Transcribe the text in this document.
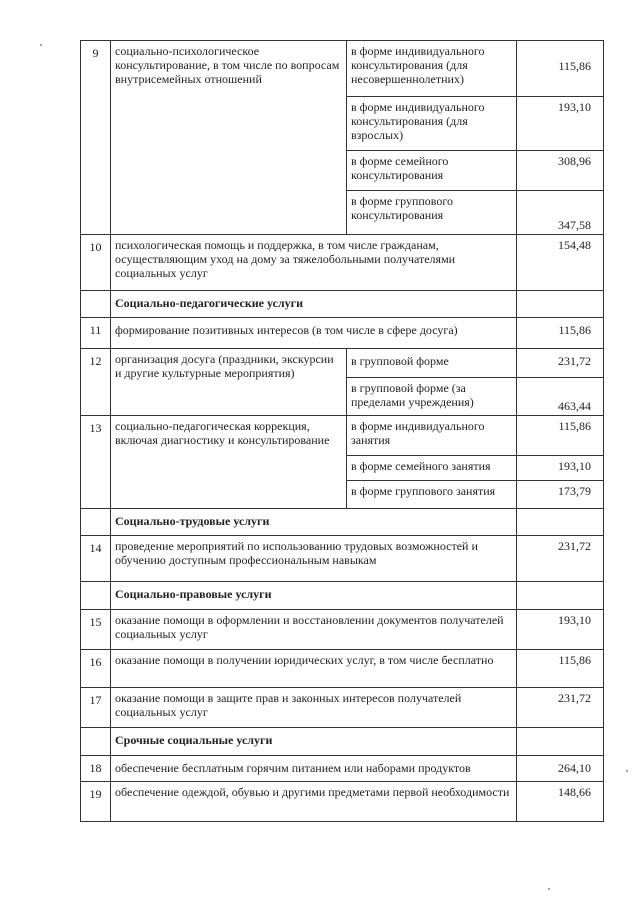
9	социально-психологическое консультирование, в том числе по вопросам внутрисемейных отношений	в форме индивидуального консультирования (для несовершеннолетних)	115,86
		в форме индивидуального консультирования (для взрослых)	193,10
		в форме семейного консультирования	308,96
		в форме группового консультирования	347,58
10	психологическая помощь и поддержка, в том числе гражданам, осуществляющим уход на дому за тяжелобольными получателями социальных услуг		154,48
	Социально-педагогические услуги		
11	формирование позитивных интересов (в том числе в сфере досуга)		115,86
12	организация досуга (праздники, экскурсии и другие культурные мероприятия)	в групповой форме	231,72
		в групповой форме (за пределами учреждения)	463,44
13	социально-педагогическая коррекция, включая диагностику и консультирование	в форме индивидуального занятия	115,86
		в форме семейного занятия	193,10
		в форме группового занятия	173,79
	Социально-трудовые услуги		
14	проведение мероприятий по использованию трудовых возможностей и обучению доступным профессиональным навыкам		231,72
	Социально-правовые услуги		
15	оказание помощи в оформлении и восстановлении документов получателей социальных услуг		193,10
16	оказание помощи в получении юридических услуг, в том числе бесплатно		115,86
17	оказание помощи в защите прав и законных интересов получателей социальных услуг		231,72
	Срочные социальные услуги		
18	обеспечение бесплатным горячим питанием или наборами продуктов		264,10
19	обеспечение одеждой, обувью и другими предметами первой необходимости		148,66
